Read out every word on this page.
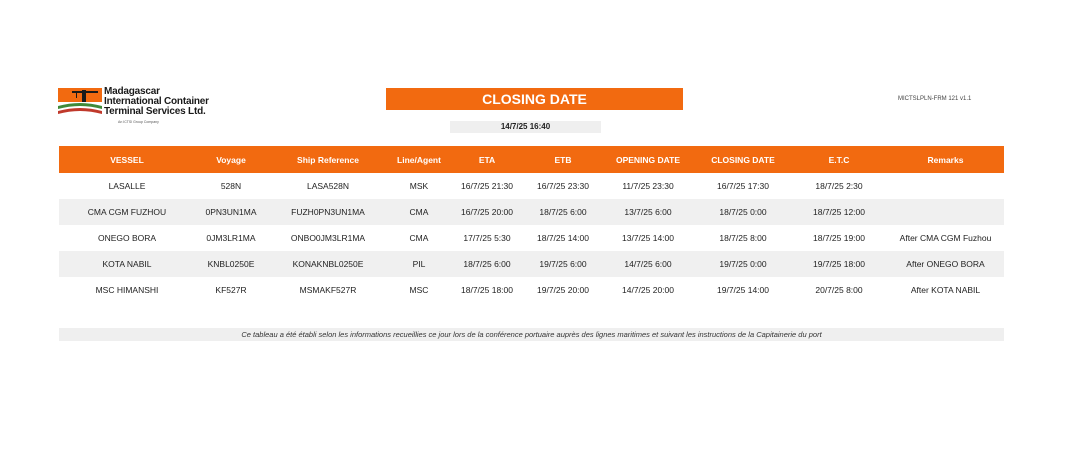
Madagascar
International Container
Terminal Services Ltd.
An ICTSI Group Company
CLOSING DATE	MICTSLPLN-FRM 121 v1.1
14/7/25 16:40
VESSEL	Voyage	Ship Reference	Line/Agent	ETA	ETB	OPENING DATE	CLOSING DATE	E.T.C	Remarks
LASALLE	528N	LASA528N	MSK	16/7/25 21:30	16/7/25 23:30	11/7/25 23:30	16/7/25 17:30	18/7/25 2:30	
CMA CGM FUZHOU	0PN3UN1MA	FUZH0PN3UN1MA	CMA	16/7/25 20:00	18/7/25 6:00	13/7/25 6:00	18/7/25 0:00	18/7/25 12:00	
ONEGO BORA	0JM3LR1MA	ONBO0JM3LR1MA	CMA	17/7/25 5:30	18/7/25 14:00	13/7/25 14:00	18/7/25 8:00	18/7/25 19:00	After CMA CGM Fuzhou
KOTA NABIL	KNBL0250E	KONAKNBL0250E	PIL	18/7/25 6:00	19/7/25 6:00	14/7/25 6:00	19/7/25 0:00	19/7/25 18:00	After ONEGO BORA
MSC HIMANSHI	KF527R	MSMAKF527R	MSC	18/7/25 18:00	19/7/25 20:00	14/7/25 20:00	19/7/25 14:00	20/7/25 8:00	After KOTA NABIL
Ce tableau a été établi selon les informations recueillies ce jour lors de la conférence portuaire auprès des lignes maritimes et suivant les instructions de la Capitainerie du port
